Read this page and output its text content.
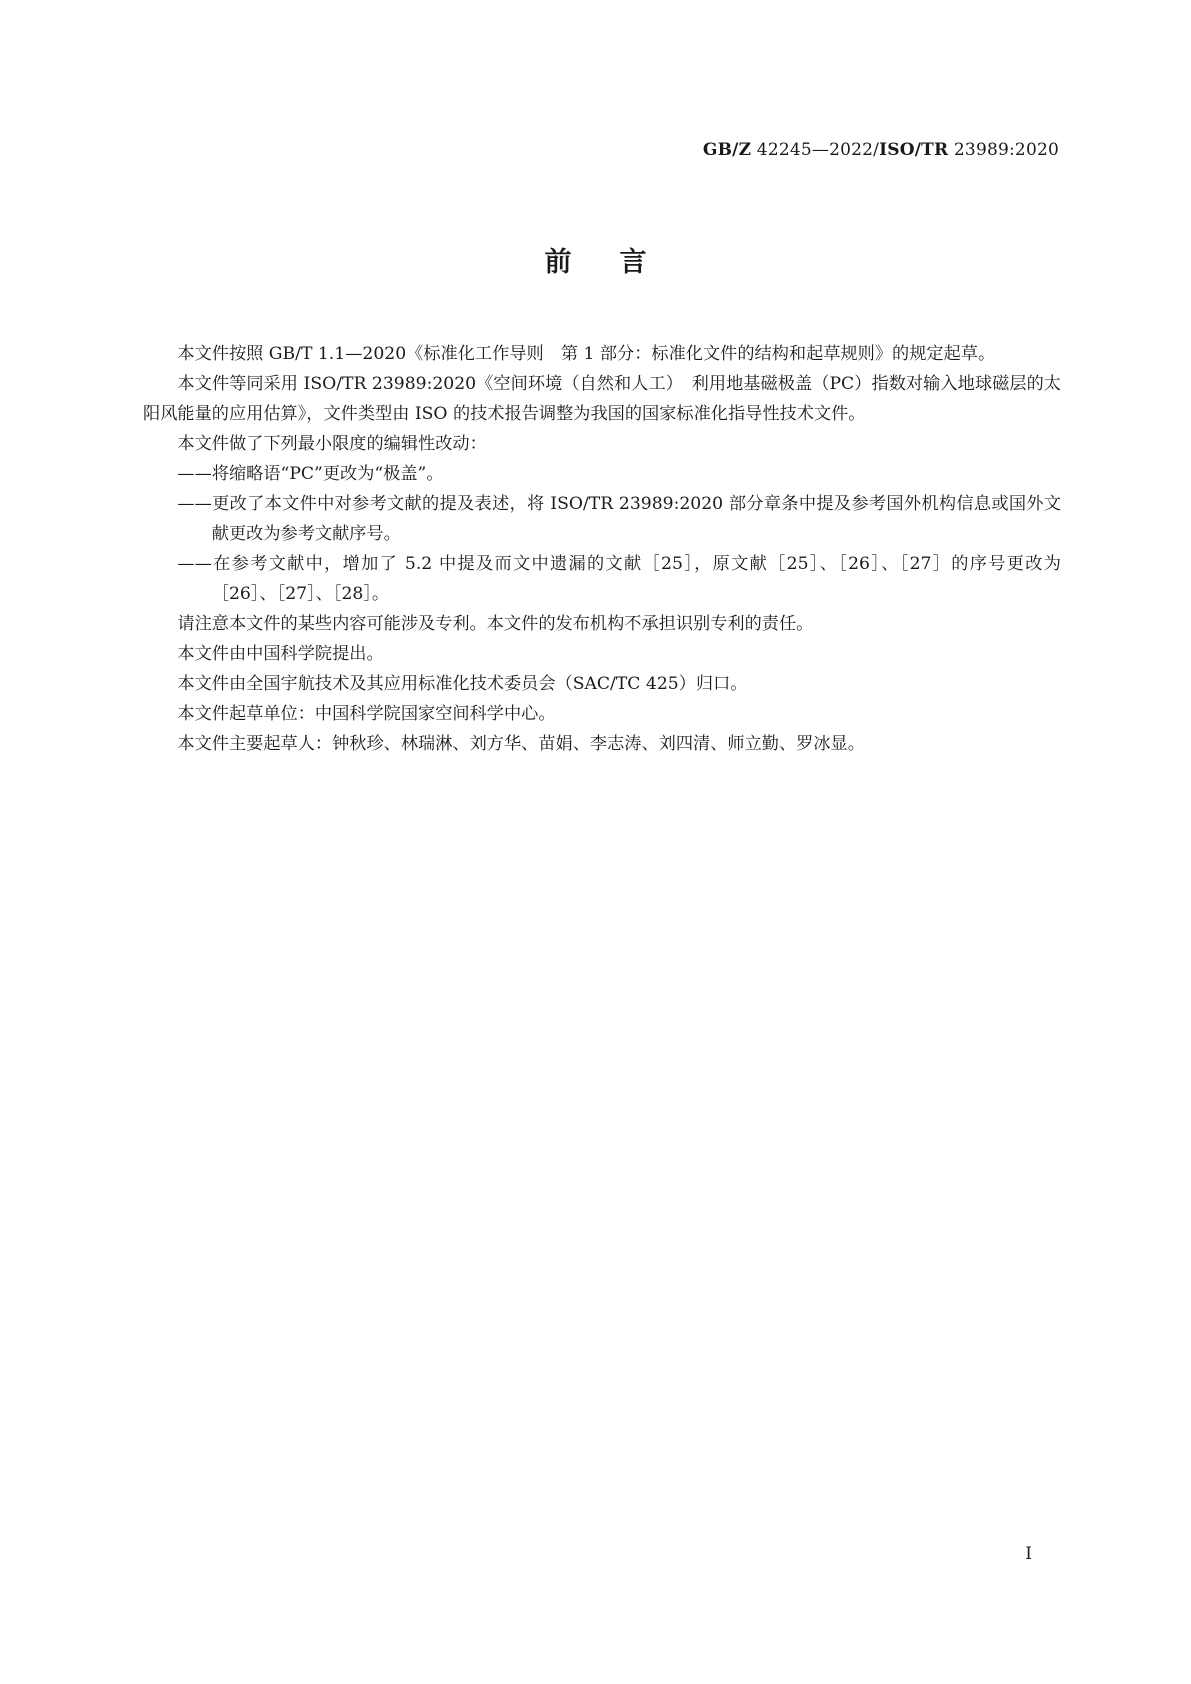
GB/Z 42245—2022/ISO/TR 23989:2020
前言

本文件按照 GB/T 1.1—2020《标准化工作导则　第 1 部分：标准化文件的结构和起草规则》的规定起草。

本文件等同采用 ISO/TR 23989:2020《空间环境（自然和人工）　利用地基磁极盖（PC）指数对输入地球磁层的太阳风能量的应用估算》，文件类型由 ISO 的技术报告调整为我国的国家标准化指导性技术文件。

本文件做了下列最小限度的编辑性改动：

——将缩略语“PC”更改为“极盖”。

——更改了本文件中对参考文献的提及表述，将 ISO/TR 23989:2020 部分章条中提及参考国外机构信息或国外文献更改为参考文献序号。

——在参考文献中，增加了 5.2 中提及而文中遗漏的文献［25］，原文献［25］、［26］、［27］的序号更改为［26］、［27］、［28］。

请注意本文件的某些内容可能涉及专利。本文件的发布机构不承担识别专利的责任。

本文件由中国科学院提出。

本文件由全国宇航技术及其应用标准化技术委员会（SAC/TC 425）归口。

本文件起草单位：中国科学院国家空间科学中心。

本文件主要起草人：钟秋珍、林瑞淋、刘方华、苗娟、李志涛、刘四清、师立勤、罗冰显。

I
